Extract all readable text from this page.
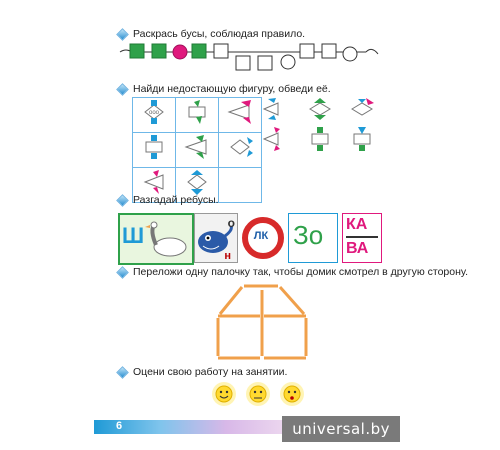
Раскрась бусы, соблюдая правило.
Найди недостающую фигуру, обведи её.
ooo

Разгадай ребусы.
Ш	о
н
ЛК Зо КА
ВА
Переложи одну палочку так, чтобы домик смотрел в другую сторону.
Оцени свою работу на занятии.
6	universal.by
